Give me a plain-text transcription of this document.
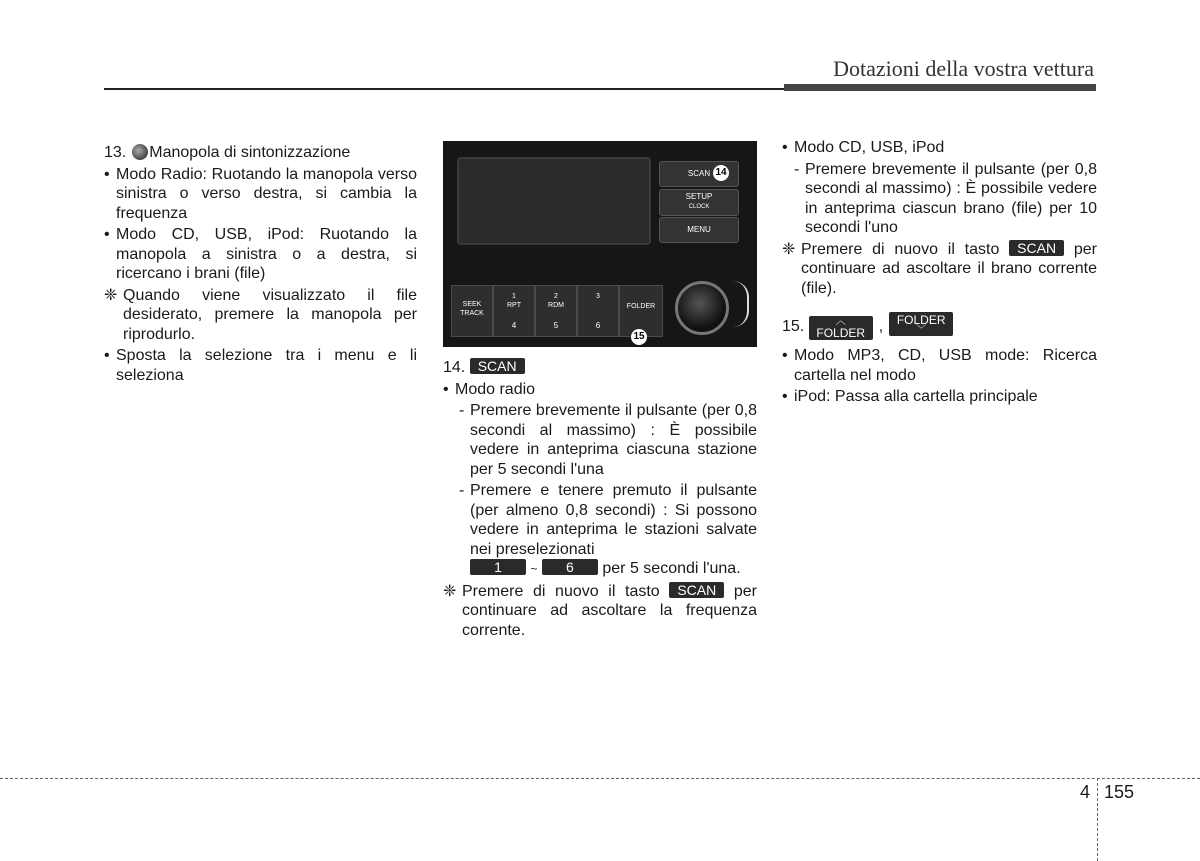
Dotazioni della vostra vettura

13. Manopola di sintonizzazione

• Modo Radio: Ruotando la manopola verso sinistra o verso destra, si cambia la frequenza
• Modo CD, USB, iPod: Ruotando la manopola a sinistra o a destra, si ricercano i brani (file)
❈ Quando viene visualizzato il file desiderato, premere la manopola per riprodurlo.
• Sposta la selezione tra i menu e li seleziona
SCAN 14
SETUP
CLOCK
MENU
SEEK
TRACK
1
RPT
4
2
RDM
5
3
6
FOLDER
15

14. SCAN

• Modo radio
- Premere brevemente il pulsante (per 0,8 secondi al massimo) : È possibile vedere in anteprima ciascuna stazione per 5 secondi l'una
- Premere e tenere premuto il pulsante (per almeno 0,8 secondi) : Si possono vedere in anteprima le stazioni salvate nei preselezionati
1 ~ 6 per 5 secondi l'una.
❈ Premere di nuovo il tasto SCAN per continuare ad ascoltare la frequenza corrente.
• Modo CD, USB, iPod
- Premere brevemente il pulsante (per 0,8 secondi al massimo) : È possibile vedere in anteprima ciascun brano (file) per 10 secondi l'uno
❈ Premere di nuovo il tasto SCAN per continuare ad ascoltare il brano corrente (file).

15.	︿
FOLDER ,	FOLDER
﹀

• Modo MP3, CD, USB mode: Ricerca cartella nel modo
• iPod: Passa alla cartella principale
4 155
